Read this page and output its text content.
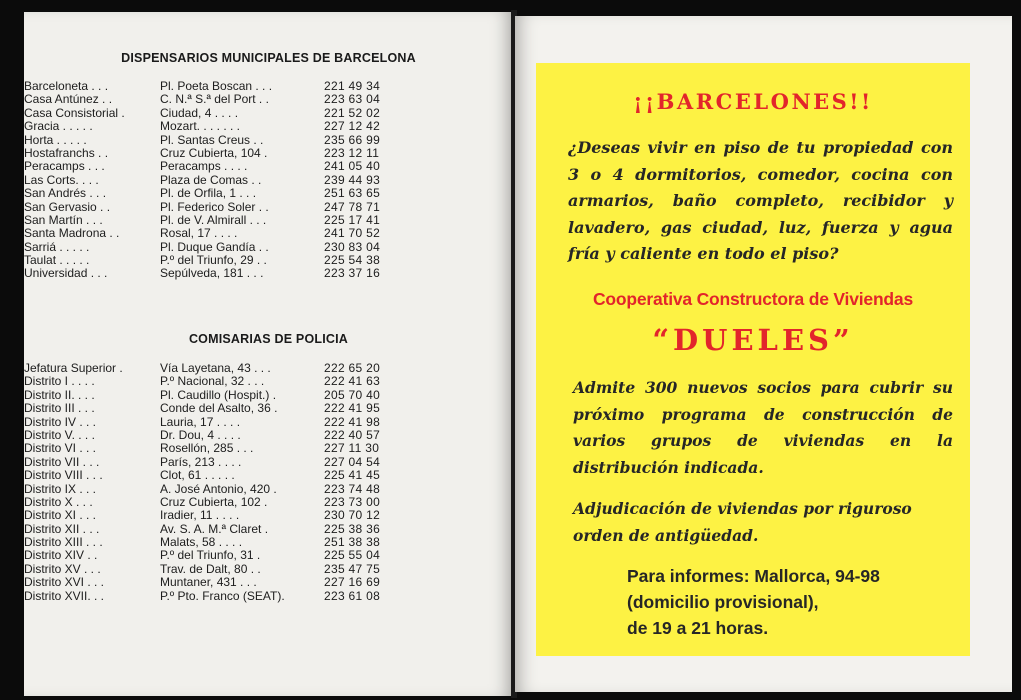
DISPENSARIOS MUNICIPALES DE BARCELONA
Barceloneta . . .	Pl. Poeta Boscan . . .	221 49 34
Casa Antúnez . .	C. N.ª S.ª del Port . .	223 63 04
Casa Consistorial .	Ciudad, 4 . . . .	221 52 02
Gracia . . . . .	Mozart. . . . . . .	227 12 42
Horta . . . . .	Pl. Santas Creus . .	235 66 99
Hostafranchs . .	Cruz Cubierta, 104 .	223 12 11
Peracamps . . .	Peracamps . . . .	241 05 40
Las Corts. . . .	Plaza de Comas . .	239 44 93
San Andrés . . .	Pl. de Orfila, 1 . . .	251 63 65
San Gervasio . .	Pl. Federico Soler . .	247 78 71
San Martín . . .	Pl. de V. Almirall . . .	225 17 41
Santa Madrona . .	Rosal, 17 . . . .	241 70 52
Sarriá . . . . .	Pl. Duque Gandía . .	230 83 04
Taulat . . . . .	P.º del Triunfo, 29 . .	225 54 38
Universidad . . .	Sepúlveda, 181 . . .	223 37 16
COMISARIAS DE POLICIA
Jefatura Superior .	Vía Layetana, 43 . . .	222 65 20
Distrito I . . . .	P.º Nacional, 32 . . .	222 41 63
Distrito II. . . .	Pl. Caudillo (Hospit.) .	205 70 40
Distrito III . . .	Conde del Asalto, 36 .	222 41 95
Distrito IV . . .	Lauria, 17 . . . .	222 41 98
Distrito V. . . .	Dr. Dou, 4 . . . .	222 40 57
Distrito VI . . .	Rosellón, 285 . . .	227 11 30
Distrito VII . . .	París, 213 . . . .	227 04 54
Distrito VIII . . .	Clot, 61 . . . . .	225 41 45
Distrito IX . . .	A. José Antonio, 420 .	223 74 48
Distrito X . . .	Cruz Cubierta, 102 .	223 73 00
Distrito XI . . .	Iradier, 11 . . . .	230 70 12
Distrito XII . . .	Av. S. A. M.ª Claret .	225 38 36
Distrito XIII . . .	Malats, 58 . . . .	251 38 38
Distrito XIV . .	P.º del Triunfo, 31 .	225 55 04
Distrito XV . . .	Trav. de Dalt, 80 . .	235 47 75
Distrito XVI . . .	Muntaner, 431 . . .	227 16 69
Distrito XVII. . .	P.º Pto. Franco (SEAT).	223 61 08
¡¡BARCELONES!!
¿Deseas vivir en piso de tu propiedad con 3 o 4 dormitorios, comedor, cocina con armarios, baño completo, recibidor y lavadero, gas ciudad, luz, fuerza y agua fría y caliente en todo el piso?
Cooperativa Constructora de Viviendas
“DUELES”
Admite 300 nuevos socios para cubrir su próximo programa de construcción de varios grupos de viviendas en la distribución indicada.
Adjudicación de viviendas por riguroso orden de antigüedad.
Para informes: Mallorca, 94-98
(domicilio provisional),
de 19 a 21 horas.
